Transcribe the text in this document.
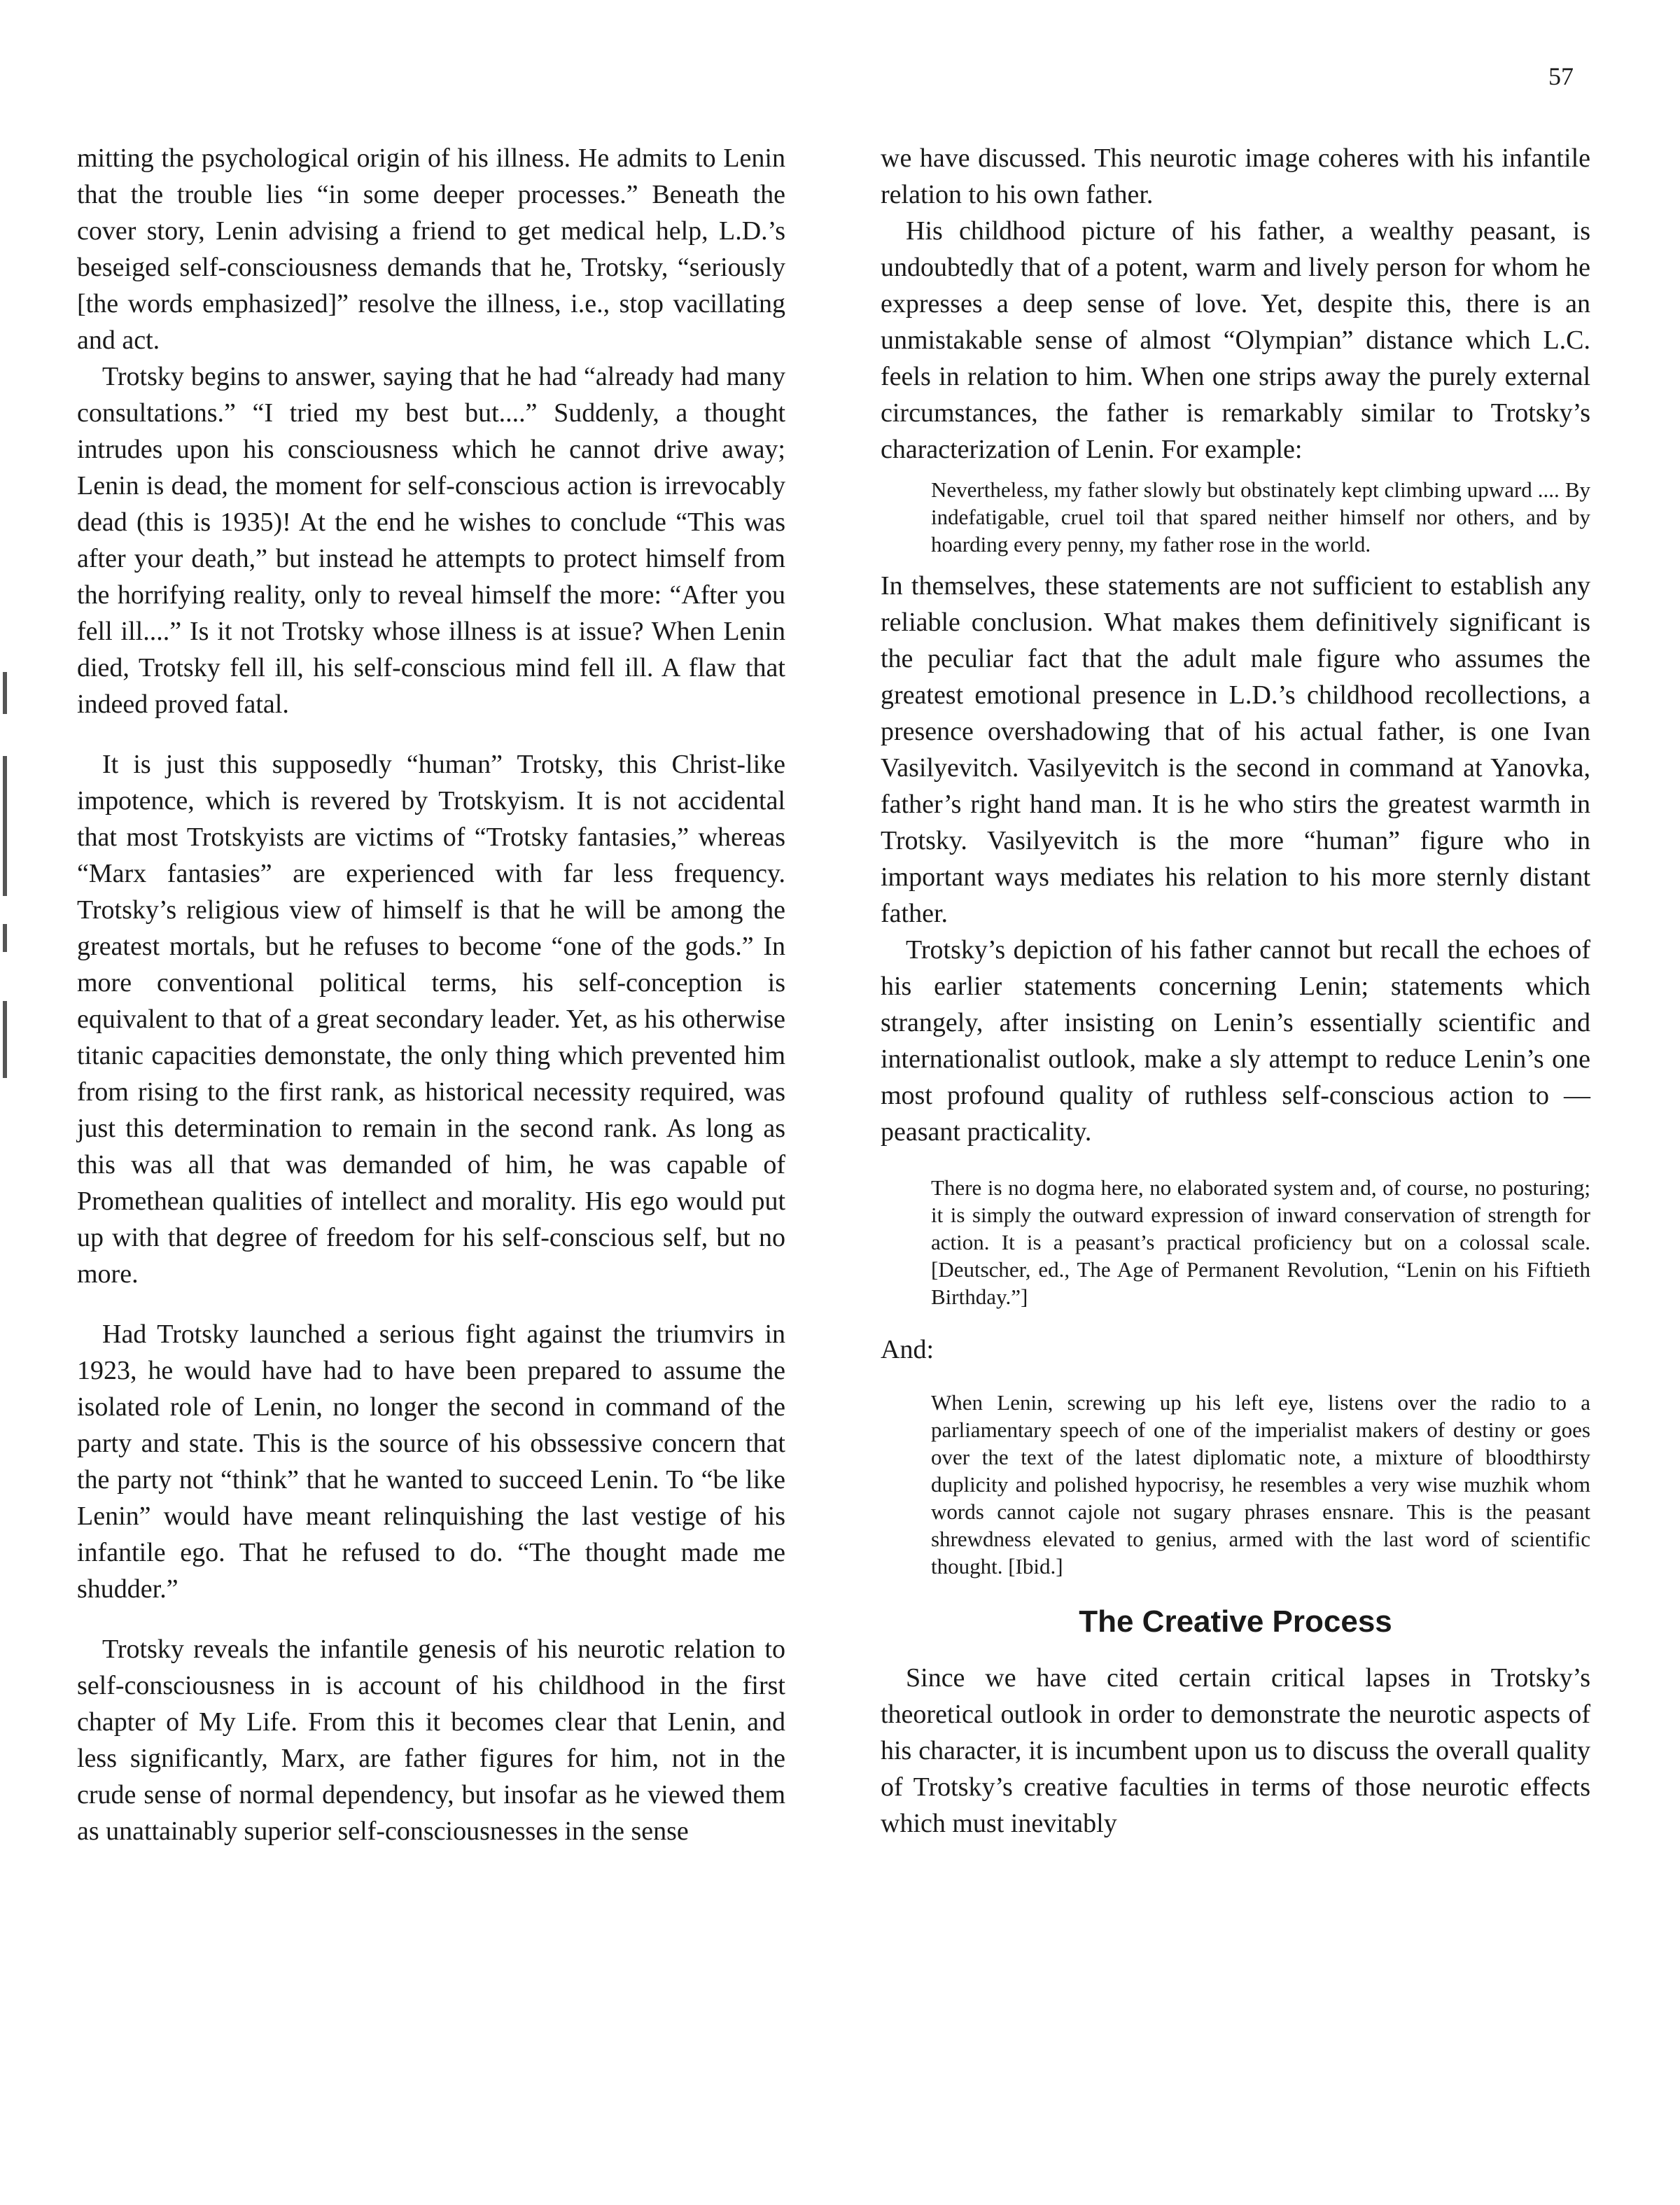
57

mitting the psychological origin of his illness. He admits to Lenin that the trouble lies “in some deeper processes.” Beneath the cover story, Lenin advising a friend to get medical help, L.D.’s beseiged self-consciousness demands that he, Trotsky, “seriously [the words emphasized]” resolve the illness, i.e., stop vacillating and act.

Trotsky begins to answer, saying that he had “already had many consultations.” “I tried my best but....” Suddenly, a thought intrudes upon his consciousness which he cannot drive away; Lenin is dead, the moment for self-conscious action is irrevocably dead (this is 1935)! At the end he wishes to conclude “This was after your death,” but instead he attempts to protect himself from the horrifying reality, only to reveal himself the more: “After you fell ill....” Is it not Trotsky whose illness is at issue? When Lenin died, Trotsky fell ill, his self-conscious mind fell ill. A flaw that indeed proved fatal.

It is just this supposedly “human” Trotsky, this Christ-like impotence, which is revered by Trotskyism. It is not accidental that most Trotskyists are victims of “Trotsky fantasies,” whereas “Marx fantasies” are experienced with far less frequency. Trotsky’s religious view of himself is that he will be among the greatest mortals, but he refuses to become “one of the gods.” In more conventional political terms, his self-conception is equivalent to that of a great secondary leader. Yet, as his otherwise titanic capacities demonstate, the only thing which prevented him from rising to the first rank, as historical necessity required, was just this determination to remain in the second rank. As long as this was all that was demanded of him, he was capable of Promethean qualities of intellect and morality. His ego would put up with that degree of freedom for his self-conscious self, but no more.

Had Trotsky launched a serious fight against the triumvirs in 1923, he would have had to have been prepared to assume the isolated role of Lenin, no longer the second in command of the party and state. This is the source of his obssessive concern that the party not “think” that he wanted to succeed Lenin. To “be like Lenin” would have meant relinquishing the last vestige of his infantile ego. That he refused to do. “The thought made me shudder.”

Trotsky reveals the infantile genesis of his neurotic relation to self-consciousness in is account of his childhood in the first chapter of My Life. From this it becomes clear that Lenin, and less significantly, Marx, are father figures for him, not in the crude sense of normal dependency, but insofar as he viewed them as unattainably superior self-consciousnesses in the sense

we have discussed. This neurotic image coheres with his infantile relation to his own father.

His childhood picture of his father, a wealthy peasant, is undoubtedly that of a potent, warm and lively person for whom he expresses a deep sense of love. Yet, despite this, there is an unmistakable sense of almost “Olympian” distance which L.C. feels in relation to him. When one strips away the purely external circumstances, the father is remarkably similar to Trotsky’s characterization of Lenin. For example:

Nevertheless, my father slowly but obstinately kept climbing upward .... By indefatigable, cruel toil that spared neither himself nor others, and by hoarding every penny, my father rose in the world.

In themselves, these statements are not sufficient to establish any reliable conclusion. What makes them definitively significant is the peculiar fact that the adult male figure who assumes the greatest emotional presence in L.D.’s childhood recollections, a presence overshadowing that of his actual father, is one Ivan Vasilyevitch. Vasilyevitch is the second in command at Yanovka, father’s right hand man. It is he who stirs the greatest warmth in Trotsky. Vasilyevitch is the more “human” figure who in important ways mediates his relation to his more sternly distant father.

Trotsky’s depiction of his father cannot but recall the echoes of his earlier statements concerning Lenin; statements which strangely, after insisting on Lenin’s essentially scientific and internationalist outlook, make a sly attempt to reduce Lenin’s one most profound quality of ruthless self-conscious action to — peasant practicality.

There is no dogma here, no elaborated system and, of course, no posturing; it is simply the outward expression of inward conservation of strength for action. It is a peasant’s practical proficiency but on a colossal scale. [Deutscher, ed., The Age of Permanent Revolution, “Lenin on his Fiftieth Birthday.”]

And:

When Lenin, screwing up his left eye, listens over the radio to a parliamentary speech of one of the imperialist makers of destiny or goes over the text of the latest diplomatic note, a mixture of bloodthirsty duplicity and polished hypocrisy, he resembles a very wise muzhik whom words cannot cajole not sugary phrases ensnare. This is the peasant shrewdness elevated to genius, armed with the last word of scientific thought. [Ibid.]
The Creative Process

Since we have cited certain critical lapses in Trotsky’s theoretical outlook in order to demonstrate the neurotic aspects of his character, it is incumbent upon us to discuss the overall quality of Trotsky’s creative faculties in terms of those neurotic effects which must inevitably
